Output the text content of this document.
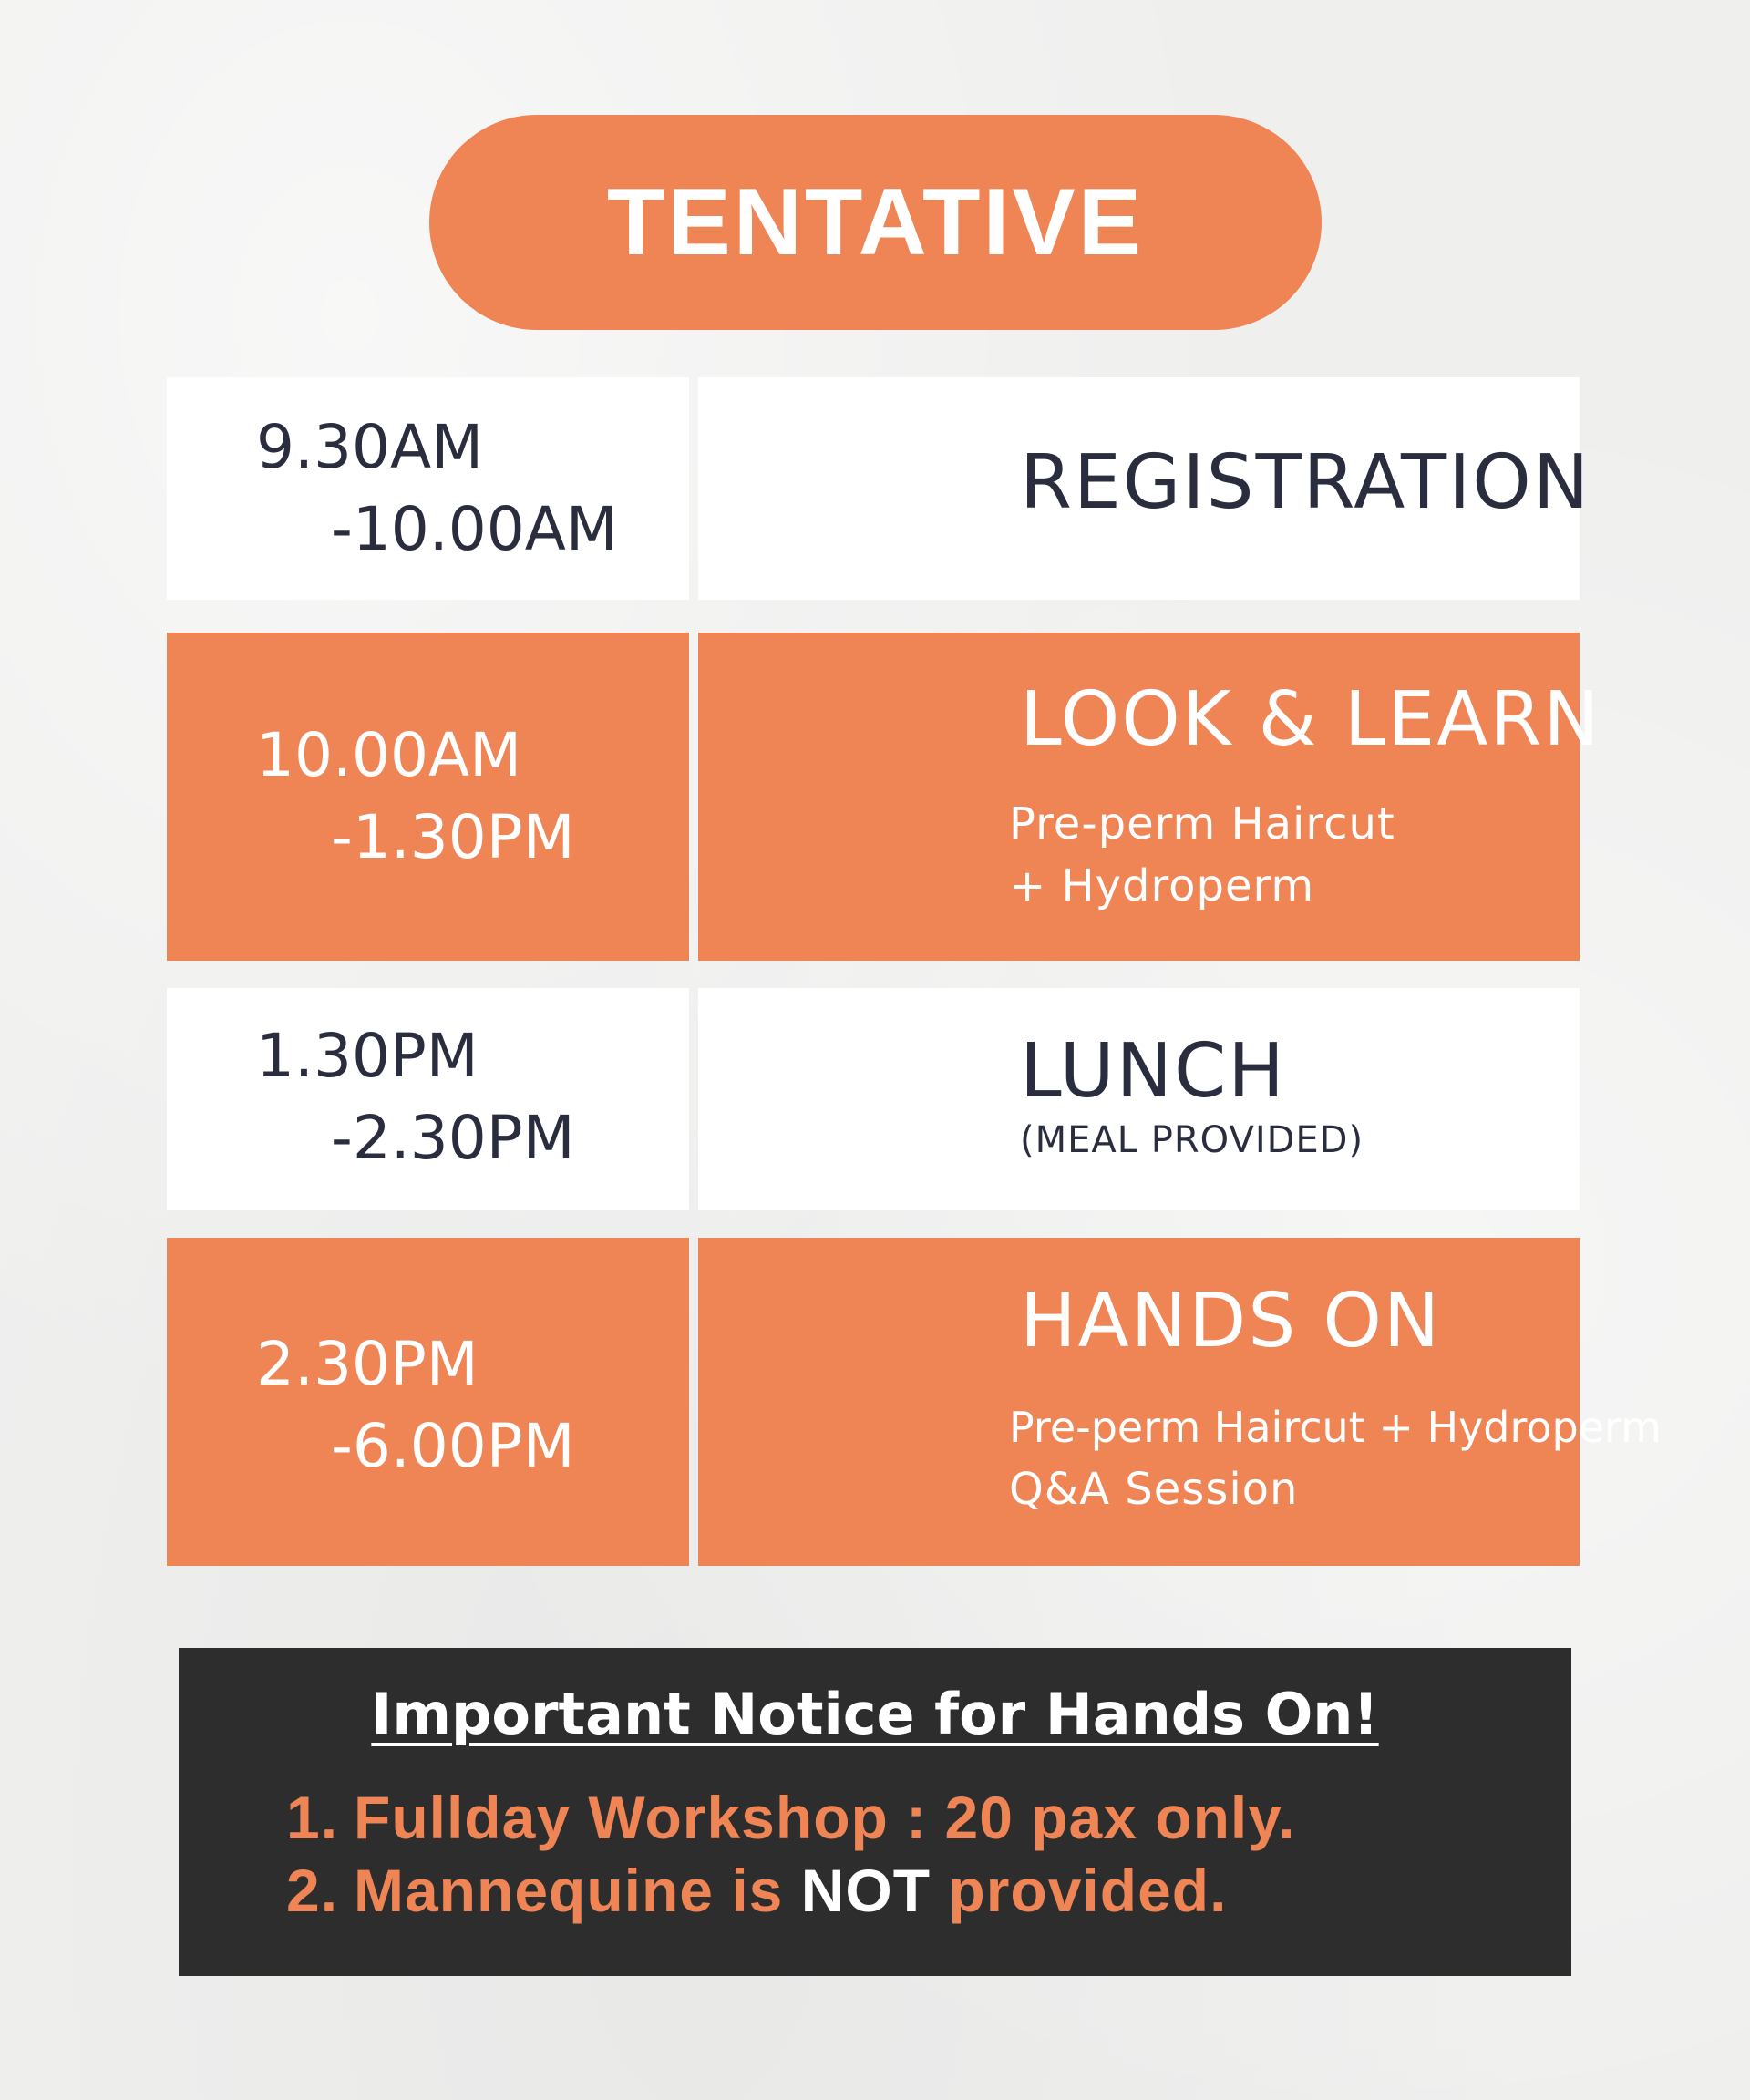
TENTATIVE
9.30AM
-10.00AM
REGISTRATION
10.00AM
-1.30PM
LOOK & LEARN
Pre-perm Haircut
+ Hydroperm
1.30PM
-2.30PM
LUNCH
(MEAL PROVIDED)
2.30PM
-6.00PM
HANDS ON
Pre-perm Haircut + Hydroperm
Q&A Session
Important Notice for Hands On!
1. Fullday Workshop : 20 pax only.
2. Mannequine is NOT provided.
